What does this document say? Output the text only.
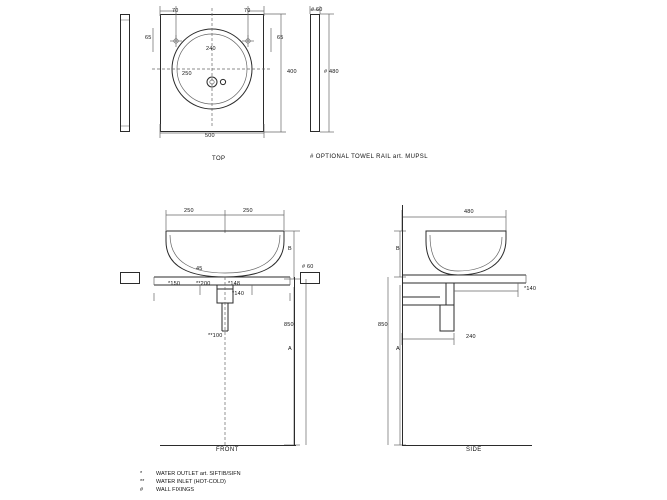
70	70
65	65
240
250
500
400
TOP
# 60
# 480
# OPTIONAL TOWEL RAIL art. MUPSL
250	250
B
A
850
45
*150	**200	*148
*140
**100
FRONT
# 60
480
B
A
850
*140
240
SIDE
*	WATER OUTLET art. SIFTIB/SIFN
** WATER INLET (HOT-COLD)
# WALL FIXINGS
